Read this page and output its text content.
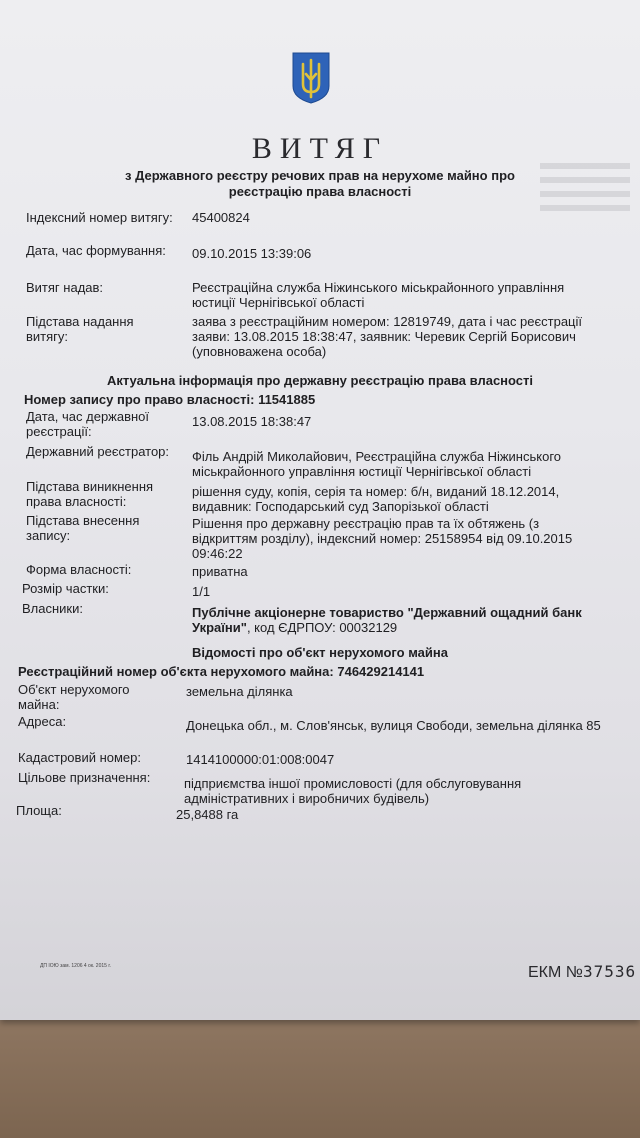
ВИТЯГ
з Державного реєстру речових прав на нерухоме майно про реєстрацію права власності
Індексний номер витягу: 45400824
Дата, час формування:	09.10.2015 13:39:06
Витяг надав:	Реєстраційна служба Ніжинського міськрайонного управління юстиції Чернігівської області
Підстава надання витягу:
заява з реєстраційним номером: 12819749, дата і час реєстрації заяви: 13.08.2015 18:38:47, заявник: Черевик Сергій Борисович (уповноважена особа)
Актуальна інформація про державну реєстрацію права власності
Номер запису про право власності: 11541885
Дата, час державної реєстрації:
13.08.2015 18:38:47
Державний реєстратор:	Філь Андрій Миколайович, Реєстраційна служба Ніжинського міськрайонного управління юстиції Чернігівської області
Підстава виникнення права власності:
рішення суду, копія, серія та номер: б/н, виданий 18.12.2014, видавник: Господарський суд Запорізької області
Підстава внесення запису:
Рішення про державну реєстрацію прав та їх обтяжень (з відкриттям розділу), індексний номер: 25158954 від 09.10.2015 09:46:22
Форма власності:	приватна
Розмір частки:	1/1
Власники:	Публічне акціонерне товариство "Державний ощадний банк України", код ЄДРПОУ: 00032129
Відомості про об'єкт нерухомого майна
Реєстраційний номер об'єкта нерухомого майна: 746429214141
Об'єкт нерухомого майна:
земельна ділянка
Адреса:	Донецька обл., м. Слов'янськ, вулиця Свободи, земельна ділянка 85
Кадастровий номер:	1414100000:01:008:0047
Цільове призначення:	підприємства іншої промисловості (для обслуговування адміністративних і виробничих будівель)
Площа:	25,8488 га
ДП ІОЮ зам. 1206 4 ок. 2015 г.	ЕКМ №37536
